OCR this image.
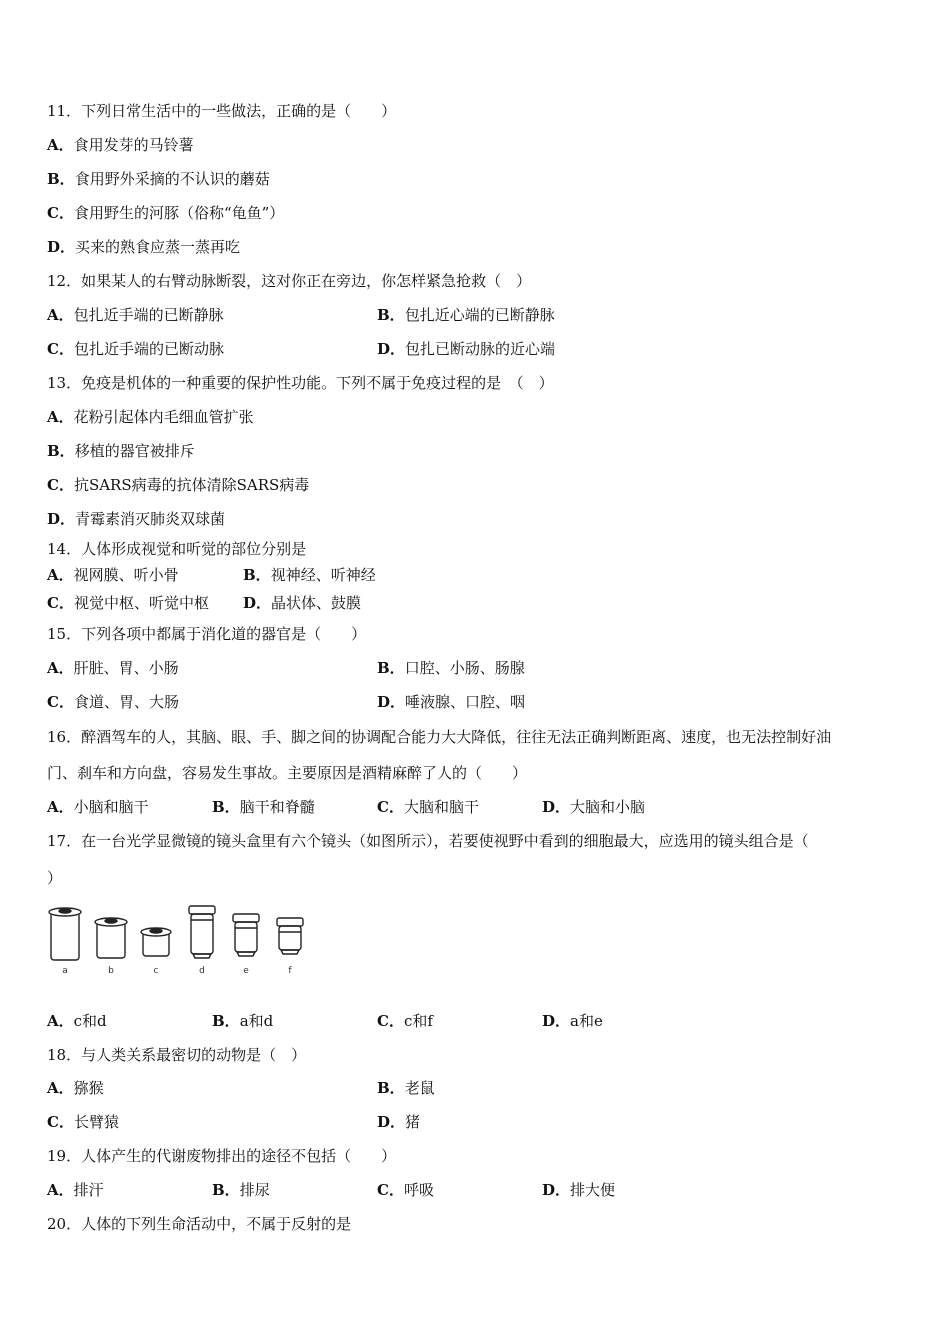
11．下列日常生活中的一些做法，正确的是（　　）
A．食用发芽的马铃薯
B．食用野外采摘的不认识的蘑菇
C．食用野生的河豚（俗称“龟鱼”）
D．买来的熟食应蒸一蒸再吃
12．如果某人的右臂动脉断裂，这对你正在旁边，你怎样紧急抢救（　）
A．包扎近手端的已断静脉	B．包扎近心端的已断静脉
C．包扎近手端的已断动脉	D．包扎已断动脉的近心端
13．免疫是机体的一种重要的保护性功能。下列不属于免疫过程的是　（　）
A．花粉引起体内毛细血管扩张
B．移植的器官被排斥
C．抗SARS病毒的抗体清除SARS病毒
D．青霉素消灭肺炎双球菌
14．人体形成视觉和听觉的部位分别是
A．视网膜、听小骨	B．视神经、听神经
C．视觉中枢、听觉中枢 D．晶状体、鼓膜
15．下列各项中都属于消化道的器官是（　　）
A．肝脏、胃、小肠	B．口腔、小肠、肠腺
C．食道、胃、大肠	D．唾液腺、口腔、咽
16．醉酒驾车的人，其脑、眼、手、脚之间的协调配合能力大大降低，往往无法正确判断距离、速度，也无法控制好油
门、刹车和方向盘，容易发生事故。主要原因是酒精麻醉了人的（　　）
A．小脑和脑干	B．脑干和脊髓	C．大脑和脑干	D．大脑和小脑
17．在一台光学显微镜的镜头盒里有六个镜头（如图所示），若要使视野中看到的细胞最大，应选用的镜头组合是（
）
a	b	c	d	e	f
A．c和d	B．a和d	C．c和f	D．a和e
18．与人类关系最密切的动物是（　）
A．猕猴	B．老鼠
C．长臂猿	D．猪
19．人体产生的代谢废物排出的途径不包括（　　）
A．排汗	B．排尿	C．呼吸	D．排大便
20．人体的下列生命活动中，不属于反射的是
